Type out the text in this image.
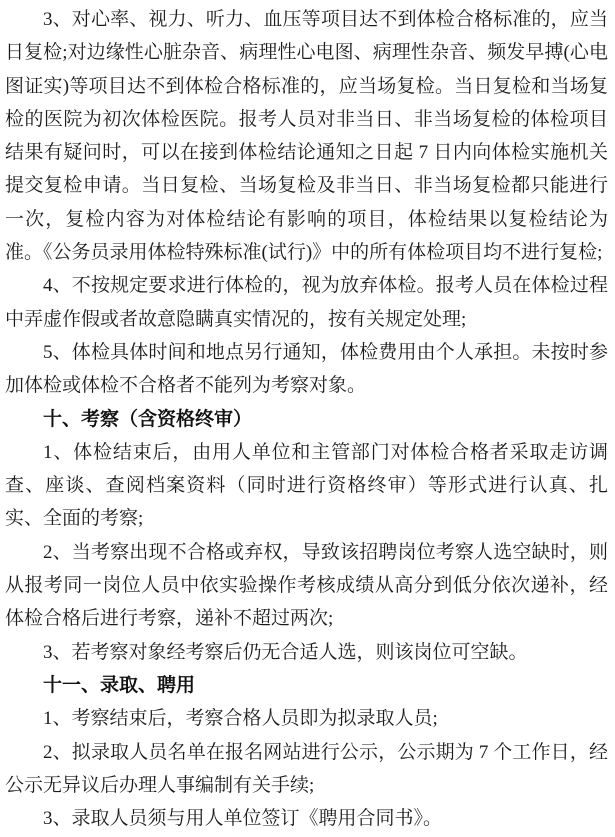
3、对心率、视力、听力、血压等项目达不到体检合格标准的，应当日复检;对边缘性心脏杂音、病理性心电图、病理性杂音、频发早搏(心电图证实)等项目达不到体检合格标准的，应当场复检。当日复检和当场复检的医院为初次体检医院。报考人员对非当日、非当场复检的体检项目结果有疑问时，可以在接到体检结论通知之日起 7 日内向体检实施机关提交复检申请。当日复检、当场复检及非当日、非当场复检都只能进行一次，复检内容为对体检结论有影响的项目，体检结果以复检结论为准。《公务员录用体检特殊标准(试行)》中的所有体检项目均不进行复检;

4、不按规定要求进行体检的，视为放弃体检。报考人员在体检过程中弄虚作假或者故意隐瞒真实情况的，按有关规定处理;

5、体检具体时间和地点另行通知，体检费用由个人承担。未按时参加体检或体检不合格者不能列为考察对象。

十、考察（含资格终审）

1、体检结束后，由用人单位和主管部门对体检合格者采取走访调查、座谈、查阅档案资料（同时进行资格终审）等形式进行认真、扎实、全面的考察;

2、当考察出现不合格或弃权，导致该招聘岗位考察人选空缺时，则从报考同一岗位人员中依实验操作考核成绩从高分到低分依次递补，经体检合格后进行考察，递补不超过两次;

3、若考察对象经考察后仍无合适人选，则该岗位可空缺。

十一、录取、聘用

1、考察结束后，考察合格人员即为拟录取人员;

2、拟录取人员名单在报名网站进行公示，公示期为 7 个工作日，经公示无异议后办理人事编制有关手续;

3、录取人员须与用人单位签订《聘用合同书》。
